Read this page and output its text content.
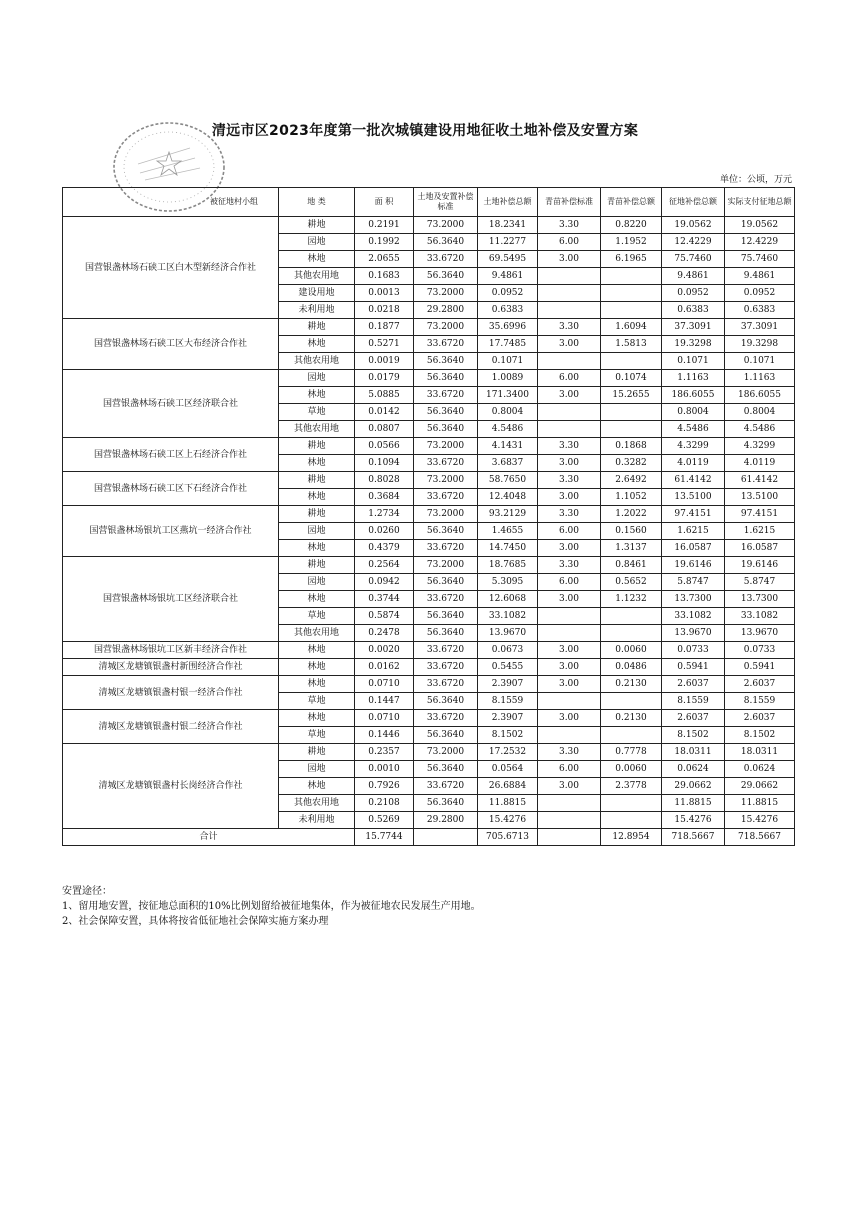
清远市区2023年度第一批次城镇建设用地征收土地补偿及安置方案
单位：公顷，万元
被征地村小组	地 类	面 积	土地及安置补偿标准	土地补偿总额	青苗补偿标准	青苗补偿总额	征地补偿总额	实际支付征地总额
国营银盏林场石硖工区白木型新经济合作社	耕地	0.2191	73.2000	18.2341	3.30	0.8220	19.0562	19.0562
	园地	0.1992	56.3640	11.2277	6.00	1.1952	12.4229	12.4229
	林地	2.0655	33.6720	69.5495	3.00	6.1965	75.7460	75.7460
	其他农用地	0.1683	56.3640	9.4861			9.4861	9.4861
	建设用地	0.0013	73.2000	0.0952			0.0952	0.0952
	未利用地	0.0218	29.2800	0.6383			0.6383	0.6383
国营银盏林场石硖工区大布经济合作社	耕地	0.1877	73.2000	35.6996	3.30	1.6094	37.3091	37.3091
	林地	0.5271	33.6720	17.7485	3.00	1.5813	19.3298	19.3298
	其他农用地	0.0019	56.3640	0.1071			0.1071	0.1071
国营银盏林场石硖工区经济联合社	园地	0.0179	56.3640	1.0089	6.00	0.1074	1.1163	1.1163
	林地	5.0885	33.6720	171.3400	3.00	15.2655	186.6055	186.6055
	草地	0.0142	56.3640	0.8004			0.8004	0.8004
	其他农用地	0.0807	56.3640	4.5486			4.5486	4.5486
国营银盏林场石硖工区上石经济合作社	耕地	0.0566	73.2000	4.1431	3.30	0.1868	4.3299	4.3299
	林地	0.1094	33.6720	3.6837	3.00	0.3282	4.0119	4.0119
国营银盏林场石硖工区下石经济合作社	耕地	0.8028	73.2000	58.7650	3.30	2.6492	61.4142	61.4142
	林地	0.3684	33.6720	12.4048	3.00	1.1052	13.5100	13.5100
国营银盏林场银坑工区燕坑一经济合作社	耕地	1.2734	73.2000	93.2129	3.30	1.2022	97.4151	97.4151
	园地	0.0260	56.3640	1.4655	6.00	0.1560	1.6215	1.6215
	林地	0.4379	33.6720	14.7450	3.00	1.3137	16.0587	16.0587
国营银盏林场银坑工区经济联合社	耕地	0.2564	73.2000	18.7685	3.30	0.8461	19.6146	19.6146
	园地	0.0942	56.3640	5.3095	6.00	0.5652	5.8747	5.8747
	林地	0.3744	33.6720	12.6068	3.00	1.1232	13.7300	13.7300
	草地	0.5874	56.3640	33.1082			33.1082	33.1082
	其他农用地	0.2478	56.3640	13.9670			13.9670	13.9670
国营银盏林场银坑工区新丰经济合作社	林地	0.0020	33.6720	0.0673	3.00	0.0060	0.0733	0.0733
清城区龙塘镇银盏村新围经济合作社	林地	0.0162	33.6720	0.5455	3.00	0.0486	0.5941	0.5941
清城区龙塘镇银盏村银一经济合作社	林地	0.0710	33.6720	2.3907	3.00	0.2130	2.6037	2.6037
	草地	0.1447	56.3640	8.1559			8.1559	8.1559
清城区龙塘镇银盏村银二经济合作社	林地	0.0710	33.6720	2.3907	3.00	0.2130	2.6037	2.6037
	草地	0.1446	56.3640	8.1502			8.1502	8.1502
清城区龙塘镇银盏村长岗经济合作社	耕地	0.2357	73.2000	17.2532	3.30	0.7778	18.0311	18.0311
	园地	0.0010	56.3640	0.0564	6.00	0.0060	0.0624	0.0624
	林地	0.7926	33.6720	26.6884	3.00	2.3778	29.0662	29.0662
	其他农用地	0.2108	56.3640	11.8815			11.8815	11.8815
	未利用地	0.5269	29.2800	15.4276			15.4276	15.4276
合计		15.7744		705.6713		12.8954	718.5667	718.5667
安置途径：
1、留用地安置，按征地总面积的10%比例划留给被征地集体，作为被征地农民发展生产用地。
2、社会保障安置，具体将按省低征地社会保障实施方案办理
